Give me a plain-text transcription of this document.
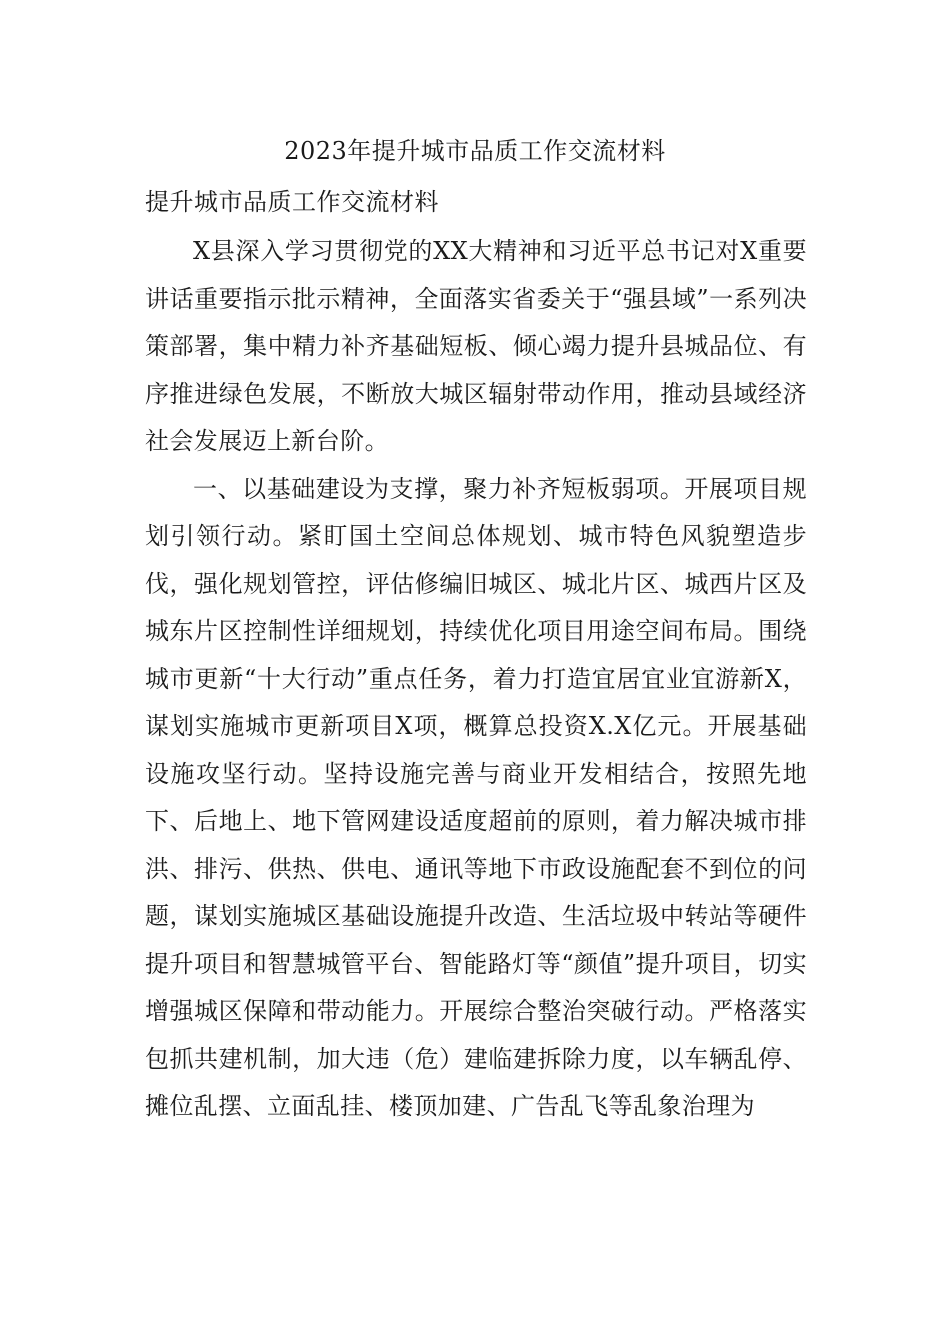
2023年提升城市品质工作交流材料

提升城市品质工作交流材料

X县深入学习贯彻党的XX大精神和习近平总书记对X重要讲话重要指示批示精神，全面落实省委关于“强县域”一系列决策部署，集中精力补齐基础短板、倾心竭力提升县城品位、有序推进绿色发展，不断放大城区辐射带动作用，推动县域经济社会发展迈上新台阶。

一、以基础建设为支撑，聚力补齐短板弱项。开展项目规划引领行动。紧盯国土空间总体规划、城市特色风貌塑造步伐，强化规划管控，评估修编旧城区、城北片区、城西片区及城东片区控制性详细规划，持续优化项目用途空间布局。围绕城市更新“十大行动”重点任务，着力打造宜居宜业宜游新X，谋划实施城市更新项目X项，概算总投资X.X亿元。开展基础设施攻坚行动。坚持设施完善与商业开发相结合，按照先地下、后地上、地下管网建设适度超前的原则，着力解决城市排洪、排污、供热、供电、通讯等地下市政设施配套不到位的问题，谋划实施城区基础设施提升改造、生活垃圾中转站等硬件提升项目和智慧城管平台、智能路灯等“颜值”提升项目，切实增强城区保障和带动能力。开展综合整治突破行动。严格落实包抓共建机制，加大违（危）建临建拆除力度，以车辆乱停、摊位乱摆、立面乱挂、楼顶加建、广告乱飞等乱象治理为
